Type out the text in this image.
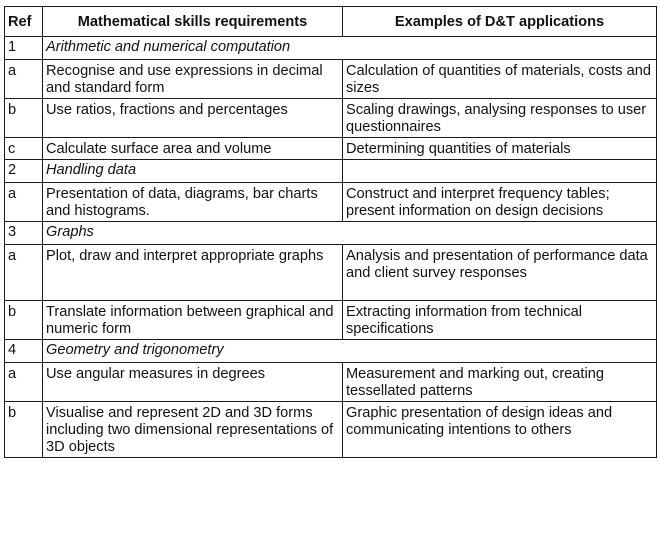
Ref	Mathematical skills requirements	Examples of D&T applications
1	Arithmetic and numerical computation	
a	Recognise and use expressions in decimal and standard form	Calculation of quantities of materials, costs and sizes
b	Use ratios, fractions and percentages	Scaling drawings, analysing responses to user questionnaires
c	Calculate surface area and volume	Determining quantities of materials
2	Handling data	
a	Presentation of data, diagrams, bar charts and histograms.	Construct and interpret frequency tables; present information on design decisions
3	Graphs	
a	Plot, draw and interpret appropriate graphs	Analysis and presentation of performance data and client survey responses
b	Translate information between graphical and numeric form	Extracting information from technical specifications
4	Geometry and trigonometry	
a	Use angular measures in degrees	Measurement and marking out, creating tessellated patterns
b	Visualise and represent 2D and 3D forms including two dimensional representations of 3D objects	Graphic presentation of design ideas and communicating intentions to others
